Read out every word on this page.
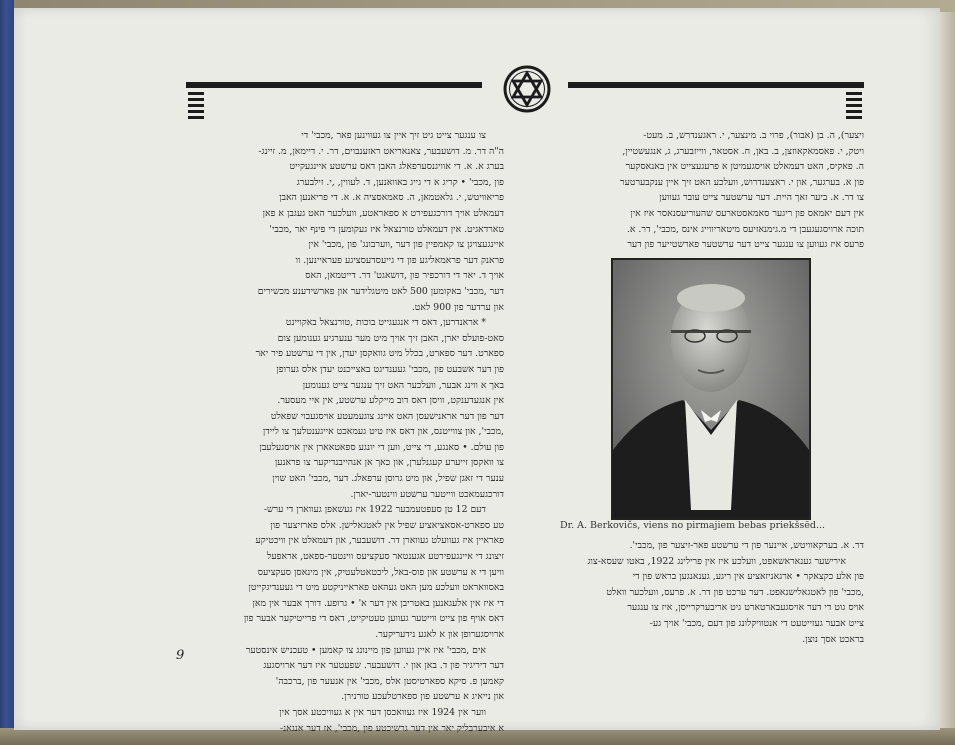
צו ענגער צייט גיט זיך איין צו געווינען פאר ,מכבי' די

ה"ה דר. מ. דושעבער, צאנאריאט ראזענבוים, דר. י. דיימאן, מ. זיינג-

בערג א. א. די אוויגנסערפאלג האבן דאס ערשטע איינגעקייט

פון ,מכבי' • קריג א די גייג באוואנען, ד. לעווין, ,י. זילבערג

פריאוויטש, י. גלאטמאן, ה. סאמאסציה א. א. די פריאנען האבן

דעמאלט אויך דורכגעפירט א ספאראטע, וועלכער האט געגבן א פאן

טארדאגיט. אין דעמאלט טורנצאל איז געקומען די פינף יאר ,מכבי'

איינגעצויגן צו קאמפיין פון דער ,ווערבונג' פון ,מכבי' אין

פראנק דער פראמאליגע פון די גייעסדעסציגע פעראיינען. וו

אויך ד. יאר די דורכפיר פון ,דושאגט' דר. דייטמאן, האס

דער ,מכבי' באקומען 500 לאט מיטגלידער און פארשידענע מכשירים

און ערדער פון 900 לאט.

* אראנדרען, דאס די אנגעגייט בוכות ,טורנצאל באקויינט

סאט-פועלס יארן, האבן זיך אויך מיט מער ענערגיע גענומען צום

ספארט. דער ספארט, בכלל מיט גוואקסן יעדן, אין די ערשטע פיר יאר

פון דער אשבעט פון ,מכבי' געענדיגט באצייכנט יעדן אלס גערופן

באך א ווינג אבער, וועלכער האט זיך ענגער צייט גענומען

אין אנגעדענקט, וויסן דאס דוב מייקלע ערשטע, אין איי מעסער.

דער פון דער אראנישעסן האט איינג צוגעמעטע אויסגעבוי שפאלט

,מכבי', און צווייטנס, און דאס איז טיט געמאכט אייגענטלעך צו ליידן

פון עולם. • סאנגע, די צייט, ווען די יונגע ספאטאארן אין אויסגעלעבן

צו וואקסן זייערע קעגנלערן, און כאך אן אנהייבנדיקער צו פראנען

ענער די זאגן שפיל, און מיט גרוסן ערפאלג. דער ,מכבי' האט שוין

דורכגעמאכט ווייטער ערשטע ווינטער-יארן.

דעם 12 טן סעפטעמבער 1922 איז געשאפן געווארן די ערש-

טע ספארט-אסאציאציע שפיל אין לאטגאלישן. אלס פארזיצער פון

פאראיין איז געוועלט געווארן דר. דושעבער, און דעמאלט אין וויכטיקע

זיצונג די איינגעפירטע אגענטאר סעקציעס ווינטער-ספאט, אראפעל

וויען די א ערשטע און פוס-באל, ליכטאטלעטיק, אין מינאסן סעקציעס

באסוואראט וועלכע מען האט געהאט פאראייניקטע מיט די געענדיגקייטן

די איז אין אלעגאנען באטריבן אין דער א' • גרופע. דורך אבער אין מאן

דאס אויף פון צייט ווייטער געווען טעטיקייט, דאס די פרייטיקער אבער פון

ארויסגערופן און א לאגע נידעריקער.

אים ,מכבי' איז איין געווען פון מיינונג צו קאמען • טעכניש אינסטער

דער דיריגיר פון ד. באן און י. דושעבער. שפעטער איז דער ארויסגעג

קאמען פ. סיקא ספארטיסטן אלס ,מכבי' אין אנעער פון ,ברכבה'

און נייאיג א ערשטע פון ספארטלעכע טורנירן.

ווער אין 1924 איז געוואכסן דער אין א געוויכטע אסך אין

א איבערבליק יאר אין דער גרשיכטע פון ,מכבי', אז דער אנגאנ-

ויצער), ה. בן (אבור), פרוי ב. מינצער, י. ראגענדרש, ב. מעט-

ויטק, י. פאסמאקאוזצן, ב. באן, ח. אסטאר, ווייזבערג, ג, אנגעשטיין,

ה. פאקיס, האט דעמאלט אויסגעמיטן א פרעגעצייט אין באנאסקער

פון א. בערגער, און י. ראצענדרוש, וועלכע האט זיך איין ענקבערטער

צו דר. א. ביער זאך היית. דער ערשטער צייט עובר געווען

אין דעם יאמאס פון ריגער סאמאסטארעס שהעוריעסנאסר איז אין

תוכה ארויסגעגעבן די מ.גימנאזיעס מיטאריווייג אינס ,מכבי', דר. א.

פרעס איז געווען צו ענגער צייט דער ערשטער פארשטייער פון דער

Dr. A. Berkovičs, viens no pirmajiem bebas priekšsēd...

דר. א. בערקאוויטש, איינער פון די ערשטע פאר-זיצער פון ,מכבי'.

אירישער גענאראשאפט, וועלכע איז אין פרילינג 1922, באטו שעסא-צוג

פון אלע כקצאקר • ארגאניזאציע אין ריגע, גענאנגען בראש פון די

,מכבי' פון לאטגאלישנאפט. דער ערכט פון דר. א. פרעס, וועלכער וואלט

אויס גוט די דער אויסגעבארטארט גיט אריבערקרייסן, איז צו ענגער

צייט אבער געזייטעט די אנטוויקלונג פון דעם ,מכבי' אויך גע-

בראכט אסך נוצן.

9
